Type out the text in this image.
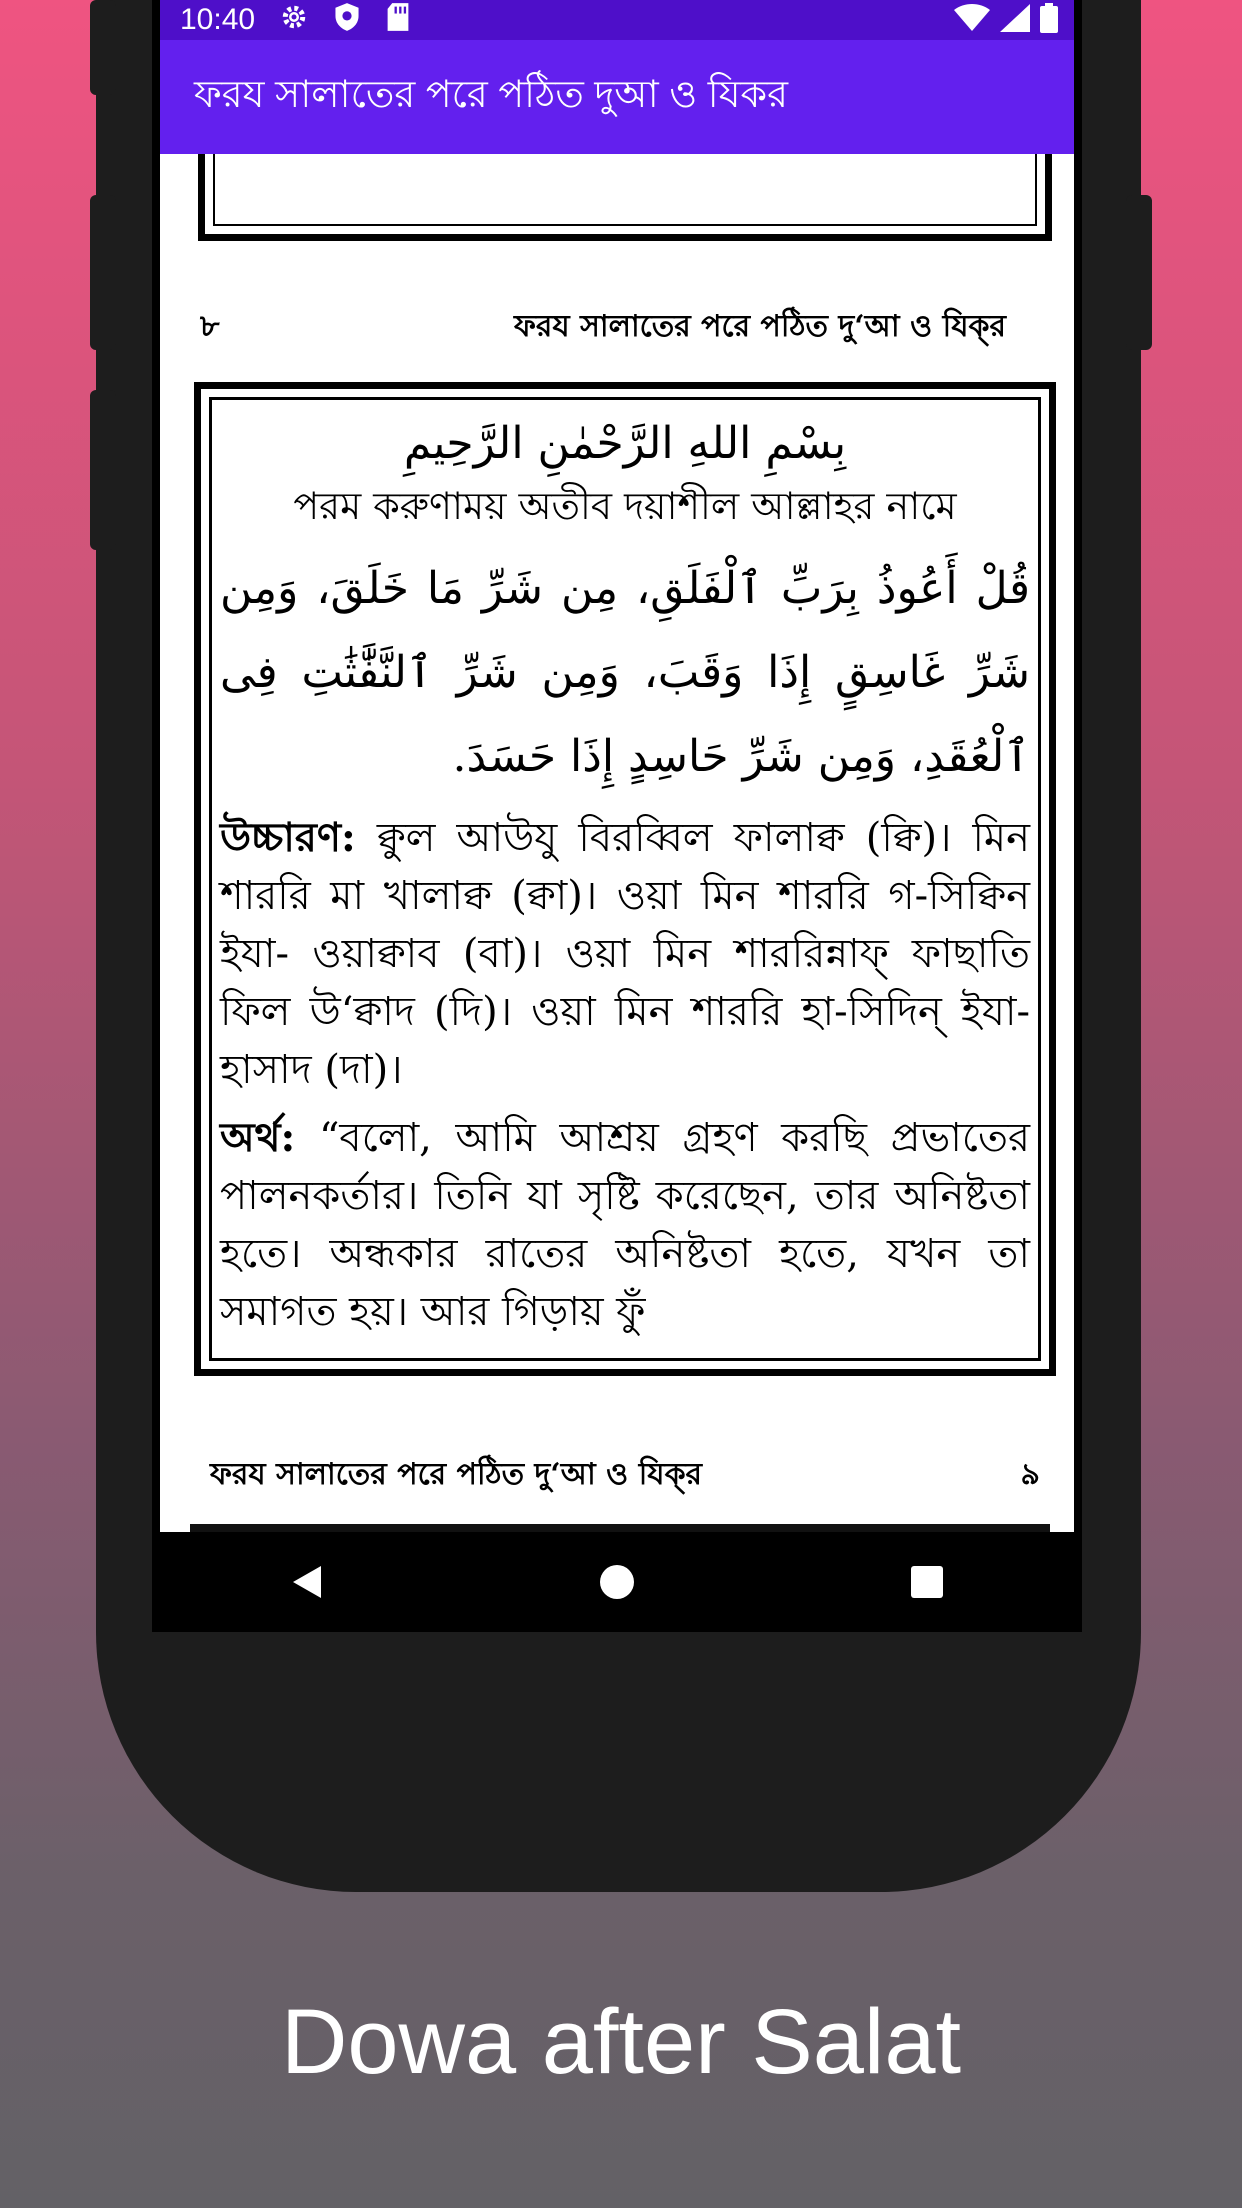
10:40
ফরয সালাতের পরে পঠিত দুআ ও যিকর
৮	ফরয সালাতের পরে পঠিত দু‘আ ও যিক্‌র
بِسْمِ اللهِ الرَّحْمٰنِ الرَّحِيمِ
পরম করুণাময় অতীব দয়াশীল আল্লাহর নামে
قُلْ أَعُوذُ بِرَبِّ ٱلْفَلَقِ، مِن شَرِّ مَا خَلَقَ، وَمِن شَرِّ غَاسِقٍ إِذَا وَقَبَ، وَمِن شَرِّ ٱلنَّفَّٰثَٰتِ فِى ٱلْعُقَدِ، وَمِن شَرِّ حَاسِدٍ إِذَا حَسَدَ.
উচ্চারণ: ক্বুল আউযু বিরব্বিল ফালাক্ব (ক্বি)। মিন শাররি মা খালাক্ব (ক্বা)। ওয়া মিন শাররি গ-সিক্বিন ইযা- ওয়াক্বাব (বা)। ওয়া মিন শাররিন্নাফ্ ফাছাতি ফিল উ‘ক্বাদ (দি)। ওয়া মিন শাররি হা-সিদিন্ ইযা- হাসাদ (দা)।
অর্থ: “বলো, আমি আশ্রয় গ্রহণ করছি প্রভাতের পালনকর্তার। তিনি যা সৃষ্টি করেছেন, তার অনিষ্টতা হতে। অন্ধকার রাতের অনিষ্টতা হতে, যখন তা সমাগত হয়। আর গিড়ায় ফুঁ
ফরয সালাতের পরে পঠিত দু‘আ ও যিক্‌র	৯
Dowa after Salat
